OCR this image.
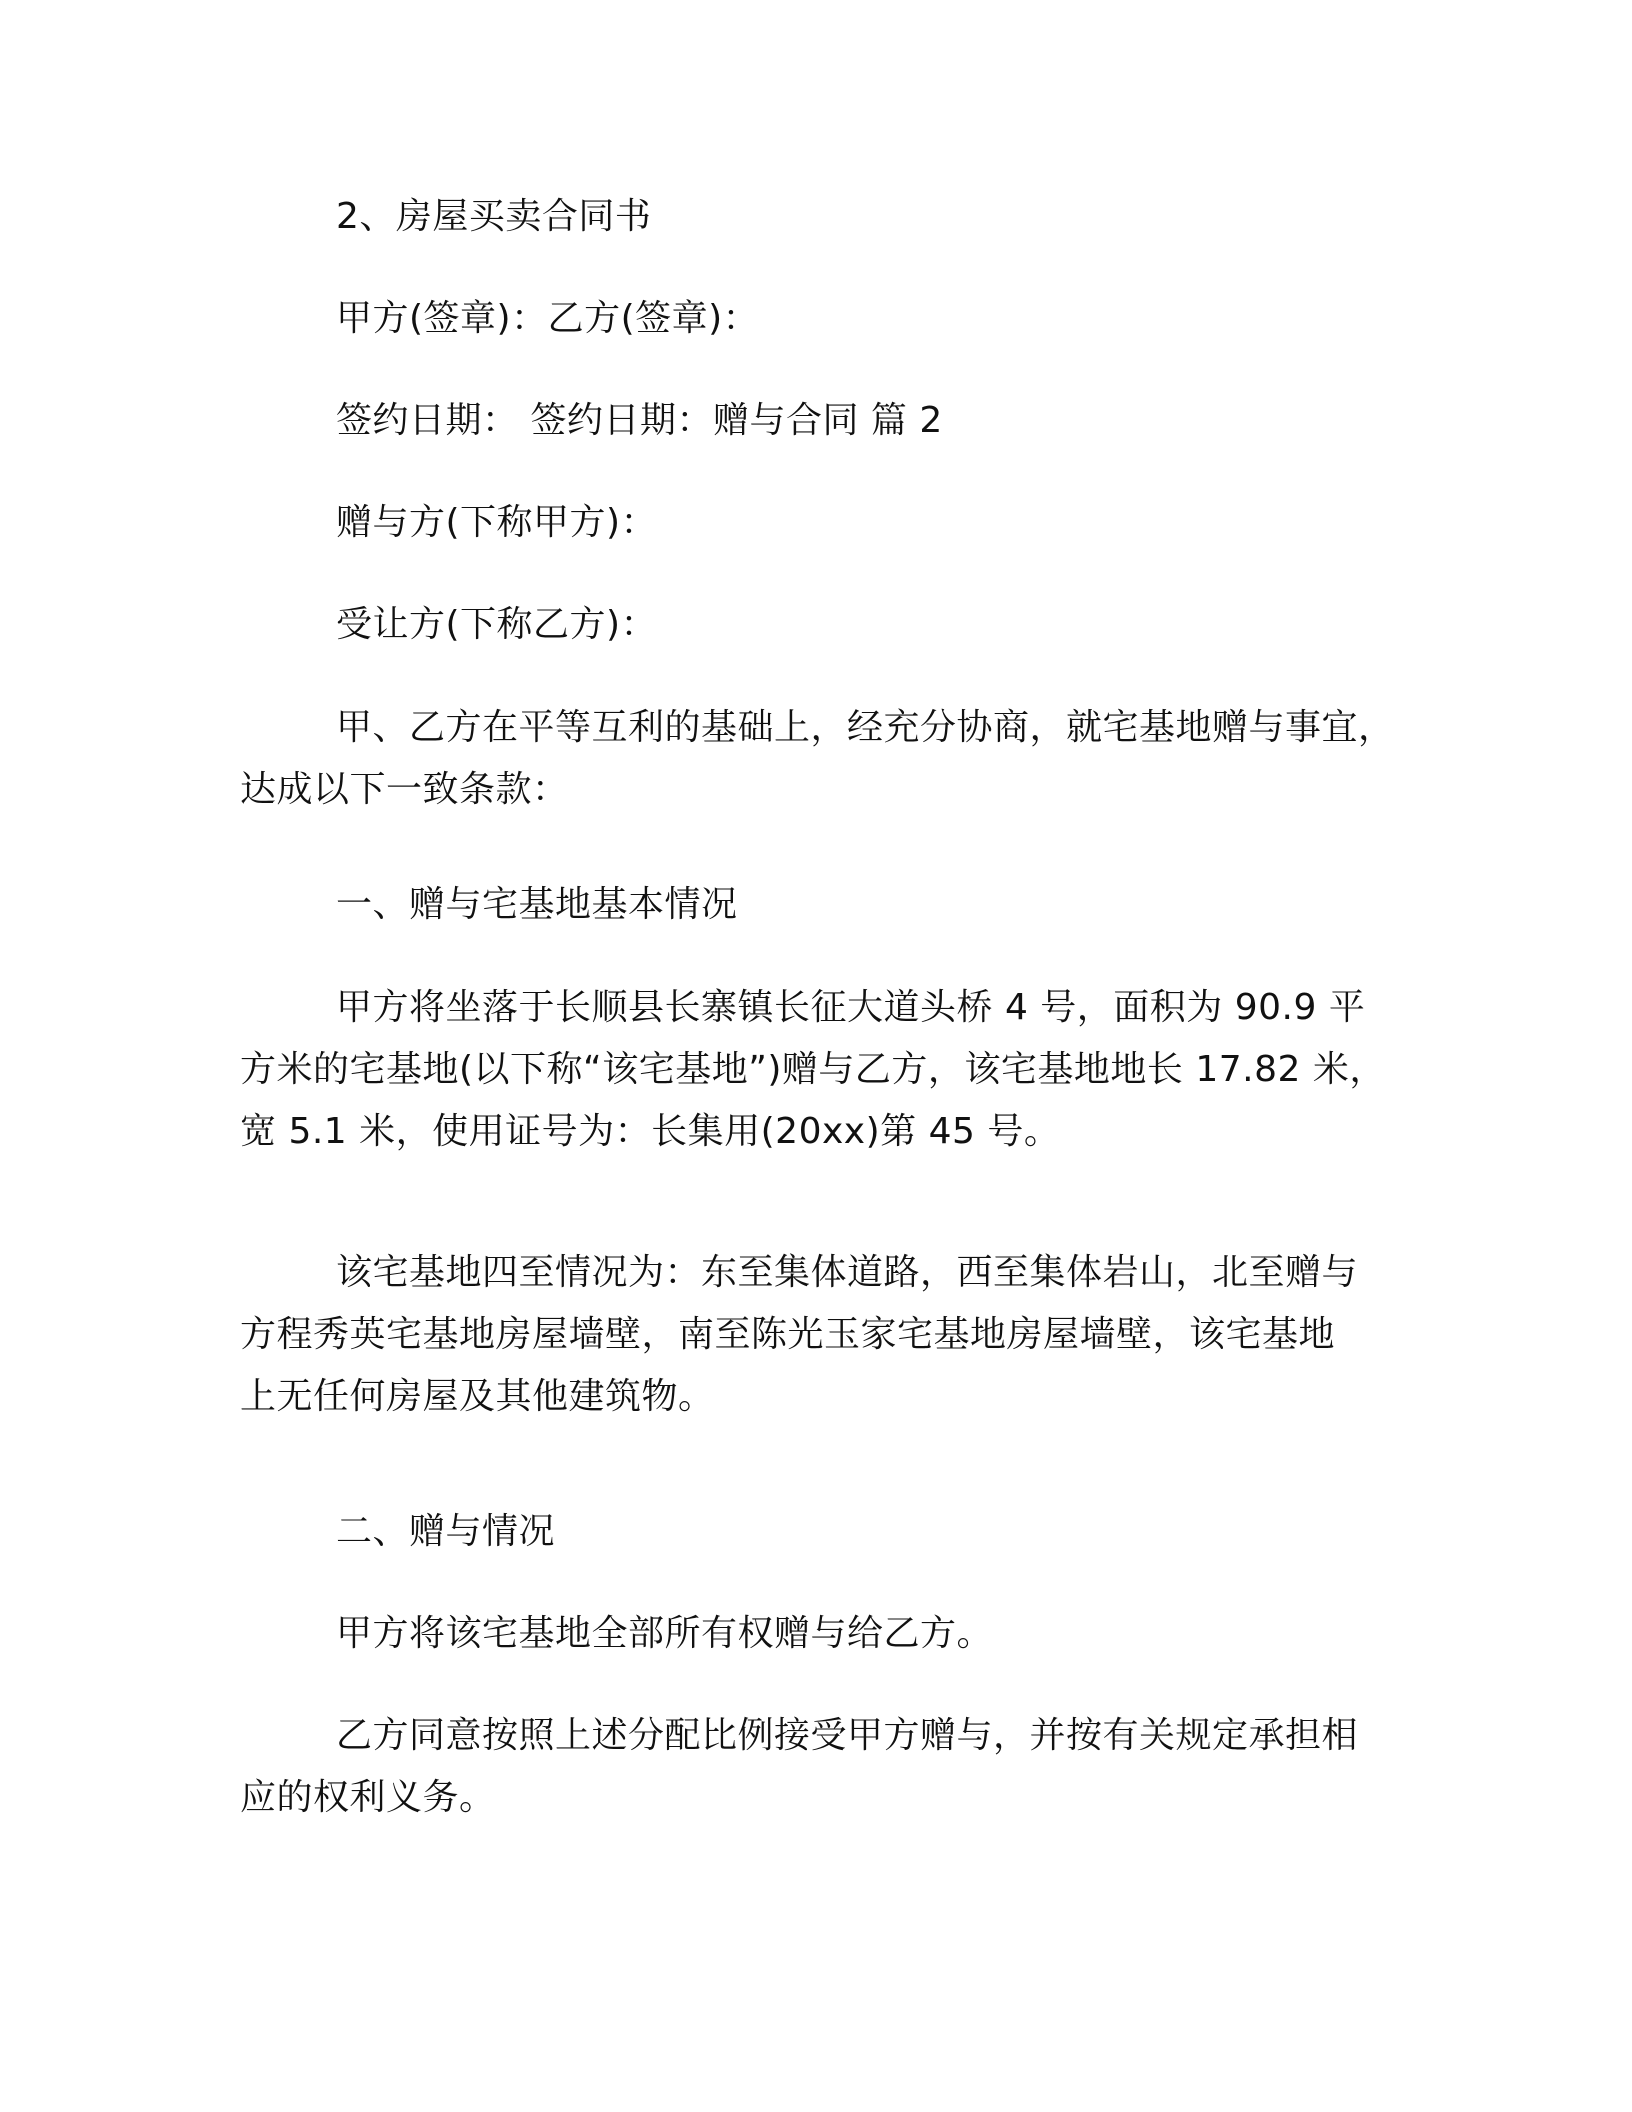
2、房屋买卖合同书
甲方(签章)：乙方(签章)：
签约日期： 签约日期：赠与合同 篇 2
赠与方(下称甲方)：
受让方(下称乙方)：
甲、乙方在平等互利的基础上，经充分协商，就宅基地赠与事宜，
达成以下一致条款：
一、赠与宅基地基本情况
甲方将坐落于长顺县长寨镇长征大道头桥 4 号，面积为 90.9 平
方米的宅基地(以下称“该宅基地”)赠与乙方，该宅基地地长 17.82 米，
宽 5.1 米，使用证号为：长集用(20xx)第 45 号。
该宅基地四至情况为：东至集体道路，西至集体岩山，北至赠与
方程秀英宅基地房屋墙壁，南至陈光玉家宅基地房屋墙壁，该宅基地
上无任何房屋及其他建筑物。
二、赠与情况
甲方将该宅基地全部所有权赠与给乙方。
乙方同意按照上述分配比例接受甲方赠与，并按有关规定承担相
应的权利义务。
